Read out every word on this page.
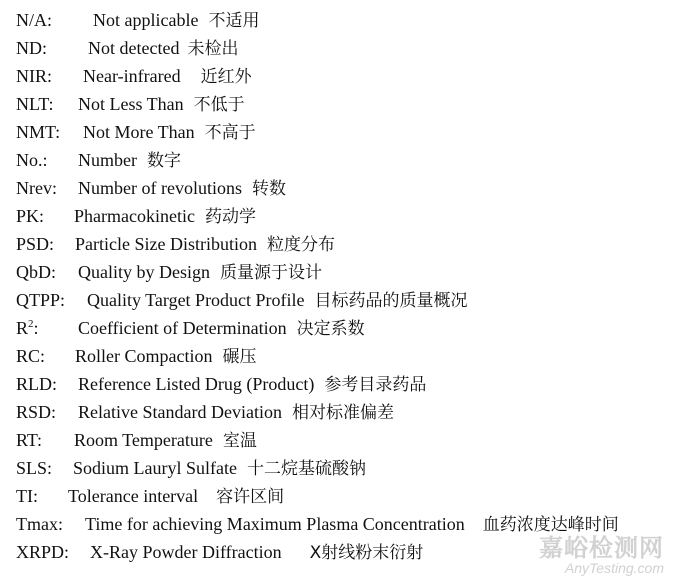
N/A: Not applicable 不适用
ND: Not detected 未检出
NIR: Near-infrared 近红外
NLT: Not Less Than 不低于
NMT: Not More Than 不高于
No.: Number 数字
Nrev: Number of revolutions 转数
PK: Pharmacokinetic 药动学
PSD: Particle Size Distribution 粒度分布
QbD: Quality by Design 质量源于设计
QTPP: Quality Target Product Profile 目标药品的质量概况
$R^2$: Coefficient of Determination 决定系数
RC: Roller Compaction 碾压
RLD: Reference Listed Drug (Product) 参考目录药品
RSD: Relative Standard Deviation 相对标准偏差
RT: Room Temperature 室温
SLS: Sodium Lauryl Sulfate 十二烷基硫酸钠
TI: Tolerance interval 容许区间
Tmax: Time for achieving Maximum Plasma Concentration 血药浓度达峰时间
XRPD: X-Ray Powder Diffraction X射线粉末衍射	嘉峪检测网
AnyTesting.com
